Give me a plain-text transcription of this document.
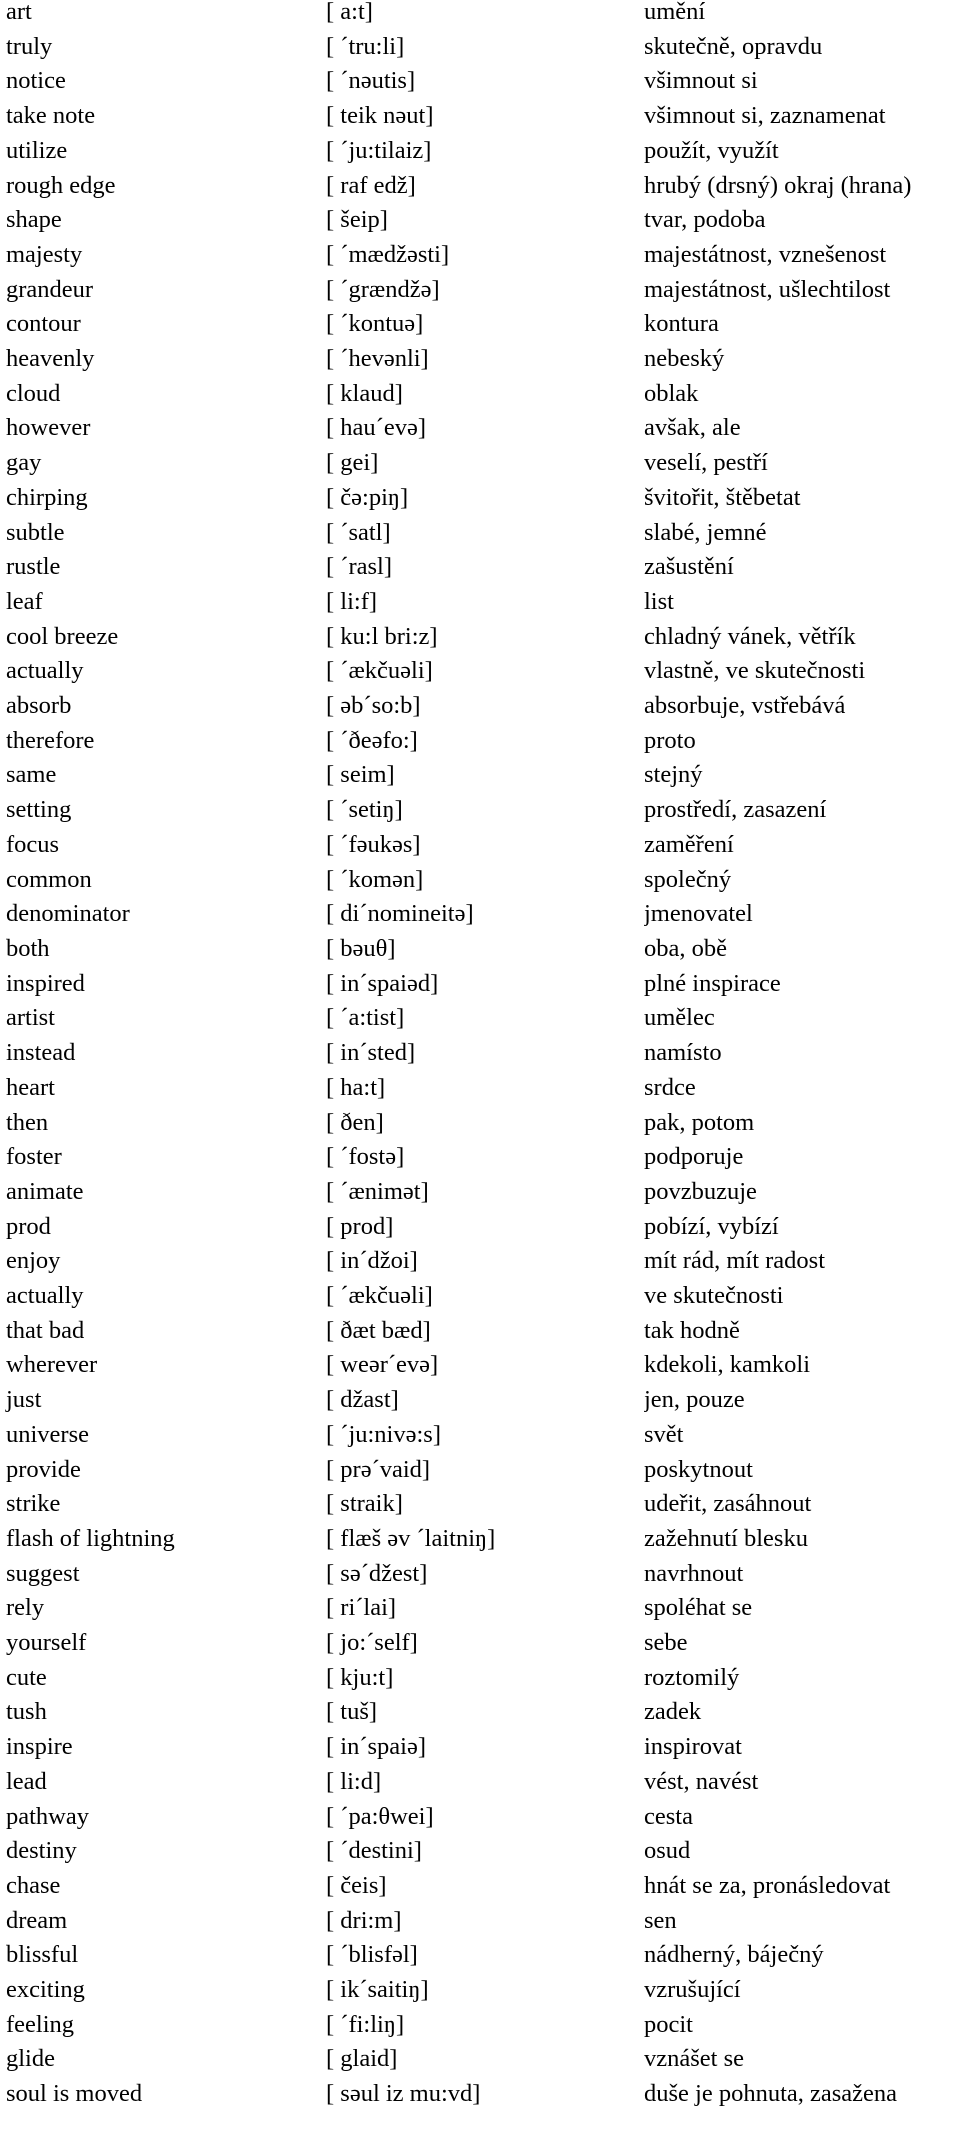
art	[ a:t]	umění
truly	[ ´tru:li]	skutečně, opravdu
notice	[ ´nəutis]	všimnout si
take note	[ teik nəut]	všimnout si, zaznamenat
utilize	[ ´ju:tilaiz]	použít, využít
rough edge	[ raf edž]	hrubý (drsný) okraj (hrana)
shape	[ šeip]	tvar, podoba
majesty	[ ´mædžəsti]	majestátnost, vznešenost
grandeur	[ ´grændžə]	majestátnost, ušlechtilost
contour	[ ´kontuə]	kontura
heavenly	[ ´hevənli]	nebeský
cloud	[ klaud]	oblak
however	[ hau´evə]	avšak, ale
gay	[ gei]	veselí, pestří
chirping	[ čə:piŋ]	švitořit, štěbetat
subtle	[ ´satl]	slabé, jemné
rustle	[ ´rasl]	zašustění
leaf	[ li:f]	list
cool breeze	[ ku:l bri:z]	chladný vánek, větřík
actually	[ ´ækčuəli]	vlastně, ve skutečnosti
absorb	[ əb´so:b]	absorbuje, vstřebává
therefore	[ ´ðeəfo:]	proto
same	[ seim]	stejný
setting	[ ´setiŋ]	prostředí, zasazení
focus	[ ´fəukəs]	zaměření
common	[ ´komən]	společný
denominator	[ di´nomineitə]	jmenovatel
both	[ bəuθ]	oba, obě
inspired	[ in´spaiəd]	plné inspirace
artist	[ ´a:tist]	umělec
instead	[ in´sted]	namísto
heart	[ ha:t]	srdce
then	[ ðen]	pak, potom
foster	[ ´fostə]	podporuje
animate	[ ´ænimət]	povzbuzuje
prod	[ prod]	pobízí, vybízí
enjoy	[ in´džoi]	mít rád, mít radost
actually	[ ´ækčuəli]	ve skutečnosti
that bad	[ ðæt bæd]	tak hodně
wherever	[ weər´evə]	kdekoli, kamkoli
just	[ džast]	jen, pouze
universe	[ ´ju:nivə:s]	svět
provide	[ prə´vaid]	poskytnout
strike	[ straik]	udeřit, zasáhnout
flash of lightning	[ flæš əv ´laitniŋ]	zažehnutí blesku
suggest	[ sə´džest]	navrhnout
rely	[ ri´lai]	spoléhat se
yourself	[ jo:´self]	sebe
cute	[ kju:t]	roztomilý
tush	[ tuš]	zadek
inspire	[ in´spaiə]	inspirovat
lead	[ li:d]	vést, navést
pathway	[ ´pa:θwei]	cesta
destiny	[ ´destini]	osud
chase	[ čeis]	hnát se za, pronásledovat
dream	[ dri:m]	sen
blissful	[ ´blisfəl]	nádherný, báječný
exciting	[ ik´saitiŋ]	vzrušující
feeling	[ ´fi:liŋ]	pocit
glide	[ glaid]	vznášet se
soul is moved	[ səul iz mu:vd]	duše je pohnuta, zasažena
